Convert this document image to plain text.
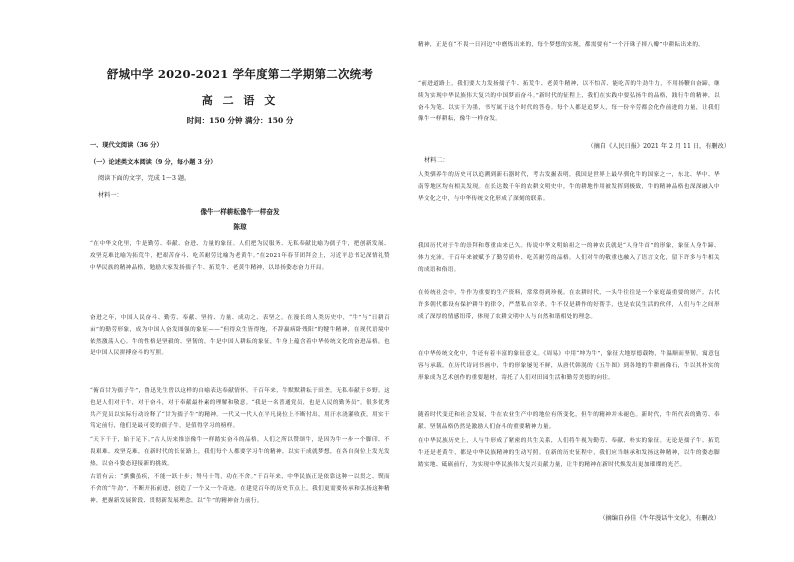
舒城中学 2020-2021 学年度第二学期第二次统考
高 二 语 文
时间：150 分钟 满分：150 分
一、现代文阅读（36 分）
（一）论述类文本阅读（9 分，每小题 3 分）
阅读下面的文字，完成 1～3 题。
材料一：
像牛一样耕耘像牛一样奋发
陈琼
“在中华文化里，牛是勤劳、奉献、奋进、力量的象征。人们把为民服务、无私奉献比喻为孺子牛，把创新发展、攻坚克难比喻为拓荒牛，把艰苦奋斗、吃苦耐劳比喻为老黄牛。”在2021年春节团拜会上，习近平总书记深情礼赞中华民族的精神品格，勉励大家发扬孺子牛、拓荒牛、老黄牛精神，以昂扬姿态奋力开局。
奋进之年，中国人民奋斗、勤劳、奉献、坚持、力量、成功之、表坚之。在漫长的人类历史中，“牛”与“日耕百亩”的勤劳形象，成为中国人奋发图强的象征——“但得众生皆得饱，不辞羸病卧残阳”的犍牛精神，在现代语境中依然激荡人心。牛的性格是坚毅的、坚韧的，牛是中国人耕耘的象征，牛身上蕴含着中华传统文化的奋进品格，也是中国人民拼搏奋斗的写照。
“俯首甘为孺子牛”，鲁迅先生曾以这样的自喻表达奉献情怀。千百年来，牛默默耕耘于田垄，无私奉献于乡野。这也是人们对于牛，对于奋斗，对于奉献最朴素的理解和敬意。“我是一名普通党员，也是人民的勤务员”，很多优秀共产党员以实际行动诠释了“甘为孺子牛”的精神。一代又一代人在平凡岗位上不断付出，用汗水浇灌收获，用实干笃定前行，他们是最可爱的孺子牛，是值得学习的榜样。
“天下干于，始于足下。”古人历来推崇像牛一样踏实奋斗的品格。人们之所以赞颂牛，是因为牛一步一个脚印、不畏艰难、攻坚克难，在新时代的长征路上，我们每个人都要学习牛的精神，以实干成就梦想，在各自岗位上发光发热，以奋斗姿态迎接新的挑战。
古语有云：“骐骥虽疾，不能一跃十步；驽马十驾，功在不舍。”千百年来，中华民族正是依靠这种一以贯之、锲而不舍的“牛劲”，不断开拓前进，创造了一个又一个奇迹。在建党百年的历史节点上，我们更需要传承和弘扬这种精神，把握新发展阶段、贯彻新发展理念，以“牛”的精神奋力前行。
精神，正是在“不畏一日河边”中磨炼出来的，每个梦想的实现，都需要有“一个汗珠子摔八瓣”中耕耘出来的。
“前进道路上，我们要大力发扬孺子牛、拓荒牛、老黄牛精神，以不怕苦、能吃苦的牛劲牛力，不用扬鞭自奋蹄，继续为实现中华民族伟大复兴的中国梦而奋斗。”新时代的征程上，我们在实践中要弘扬牛的品格，践行牛的精神，以奋斗为笔、以实干为墨，书写属于这个时代的答卷。每个人都是追梦人，每一份辛劳都会化作前进的力量，让我们像牛一样耕耘，像牛一样奋发。
（摘自《人民日报》2021 年 2 月 11 日，有删改）
材料二：
人类驯养牛的历史可以追溯到新石器时代，考古发掘表明，我国是世界上最早驯化牛的国家之一，东北、华中、华南等地区均有相关发现。在长达数千年的农耕文明史中，牛的耕地作用被发挥到极致，牛的精神品格也深深融入中华文化之中，与中华传统文化形成了深刻的联系。
我国历代对于牛的崇拜和尊重由来已久。传说中华文明始祖之一的神农氏就是“人身牛首”的形象，象征人身牛蹄、体力充沛，千百年来被赋予了勤劳质朴、吃苦耐劳的品格。人们对牛的敬重也融入了语言文化，留下许多与牛相关的成语和俗语。
在传统社会中，牛作为重要的生产资料，常常得到珍视。在农耕时代，一头牛往往是一个家庭最重要的财产。古代许多朝代都设有保护耕牛的律令，严禁私自宰杀。牛不仅是耕作的好帮手，也是农民生活的伙伴，人们与牛之间形成了深厚的情感纽带，体现了农耕文明中人与自然和谐相处的理念。
在中华传统文化中，牛还有着丰富的象征意义。《周易》中用“坤为牛”，象征大地厚德载物，牛温顺而坚韧，寓意包容与承载。在历代诗词书画中，牛的形象屡见不鲜，从唐代韩滉的《五牛图》到各地的牛耕画像石，牛以其朴实的形象成为艺术创作的重要题材，寄托了人们对田园生活和勤劳美德的向往。
随着时代变迁和社会发展，牛在农业生产中的地位有所变化，但牛的精神并未褪色。新时代，牛所代表的勤劳、奉献、坚韧品格仍然是激励人们奋斗的重要精神力量。
在中华民族历史上，人与牛形成了紧密的共生关系，人们将牛视为勤劳、奉献、朴实的象征。无论是孺子牛、拓荒牛还是老黄牛，都是中华民族精神的生动写照。在新的历史征程中，我们应当继承和发扬这种精神，以牛的姿态脚踏实地、砥砺前行，为实现中华民族伟大复兴贡献力量，让牛的精神在新时代焕发出更加璀璨的光芒。
（摘编自孙佳《牛年漫话牛文化》，有删改）
